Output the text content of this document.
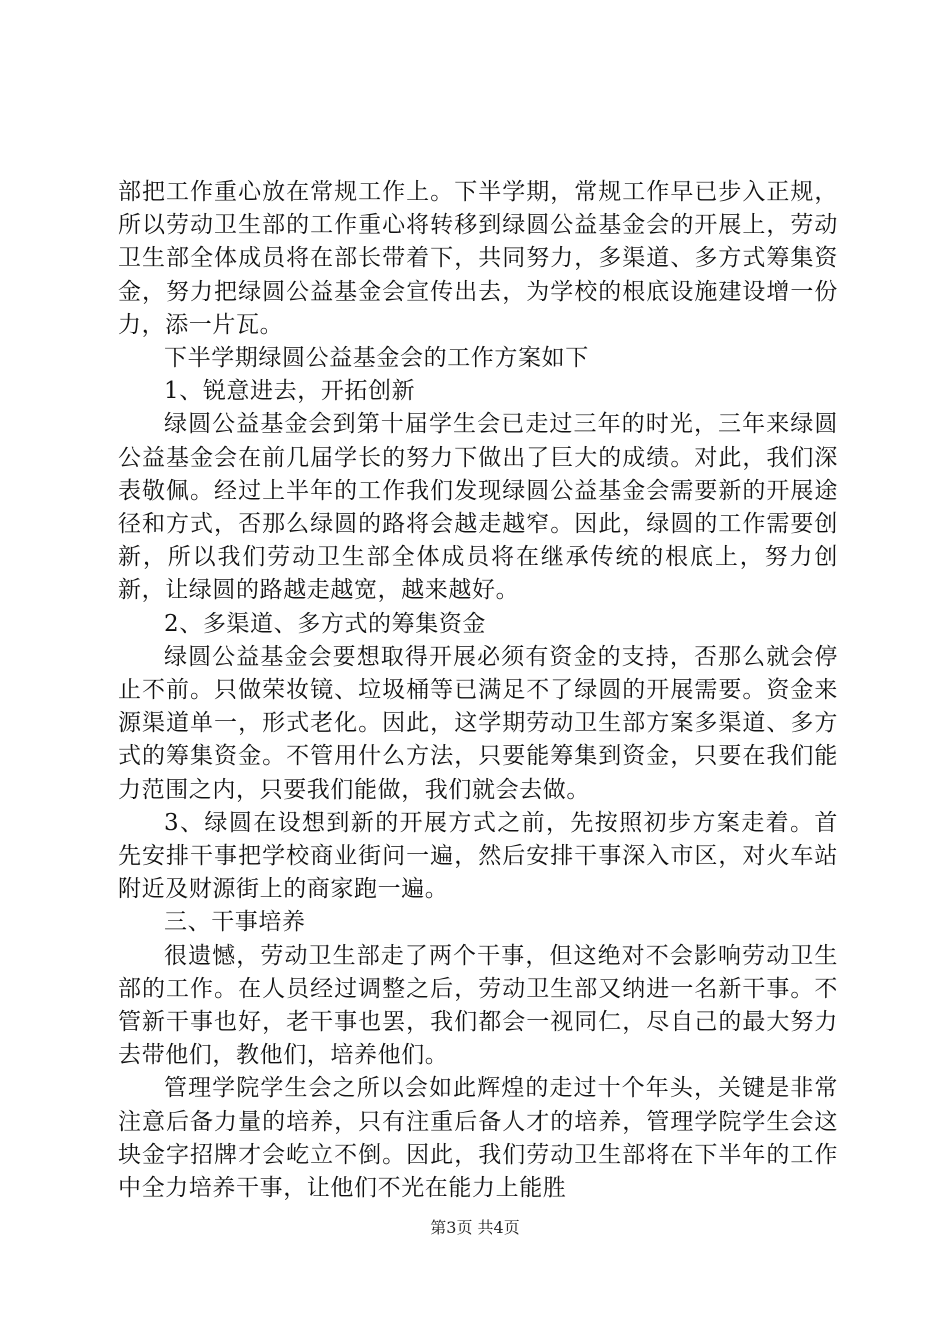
部把工作重心放在常规工作上。下半学期，常规工作早已步入正规，所以劳动卫生部的工作重心将转移到绿圆公益基金会的开展上，劳动卫生部全体成员将在部长带着下，共同努力，多渠道、多方式筹集资金，努力把绿圆公益基金会宣传出去，为学校的根底设施建设增一份力，添一片瓦。

下半学期绿圆公益基金会的工作方案如下

1、锐意进去，开拓创新

绿圆公益基金会到第十届学生会已走过三年的时光，三年来绿圆公益基金会在前几届学长的努力下做出了巨大的成绩。对此，我们深表敬佩。经过上半年的工作我们发现绿圆公益基金会需要新的开展途径和方式，否那么绿圆的路将会越走越窄。因此，绿圆的工作需要创新，所以我们劳动卫生部全体成员将在继承传统的根底上，努力创新，让绿圆的路越走越宽，越来越好。

2、多渠道、多方式的筹集资金

绿圆公益基金会要想取得开展必须有资金的支持，否那么就会停止不前。只做荣妆镜、垃圾桶等已满足不了绿圆的开展需要。资金来源渠道单一，形式老化。因此，这学期劳动卫生部方案多渠道、多方式的筹集资金。不管用什么方法，只要能筹集到资金，只要在我们能力范围之内，只要我们能做，我们就会去做。

3、绿圆在设想到新的开展方式之前，先按照初步方案走着。首先安排干事把学校商业街问一遍，然后安排干事深入市区，对火车站附近及财源街上的商家跑一遍。

三、干事培养

很遗憾，劳动卫生部走了两个干事，但这绝对不会影响劳动卫生部的工作。在人员经过调整之后，劳动卫生部又纳进一名新干事。不管新干事也好，老干事也罢，我们都会一视同仁，尽自己的最大努力去带他们，教他们，培养他们。

管理学院学生会之所以会如此辉煌的走过十个年头，关键是非常注意后备力量的培养，只有注重后备人才的培养，管理学院学生会这块金字招牌才会屹立不倒。因此，我们劳动卫生部将在下半年的工作中全力培养干事，让他们不光在能力上能胜

第3页 共4页
